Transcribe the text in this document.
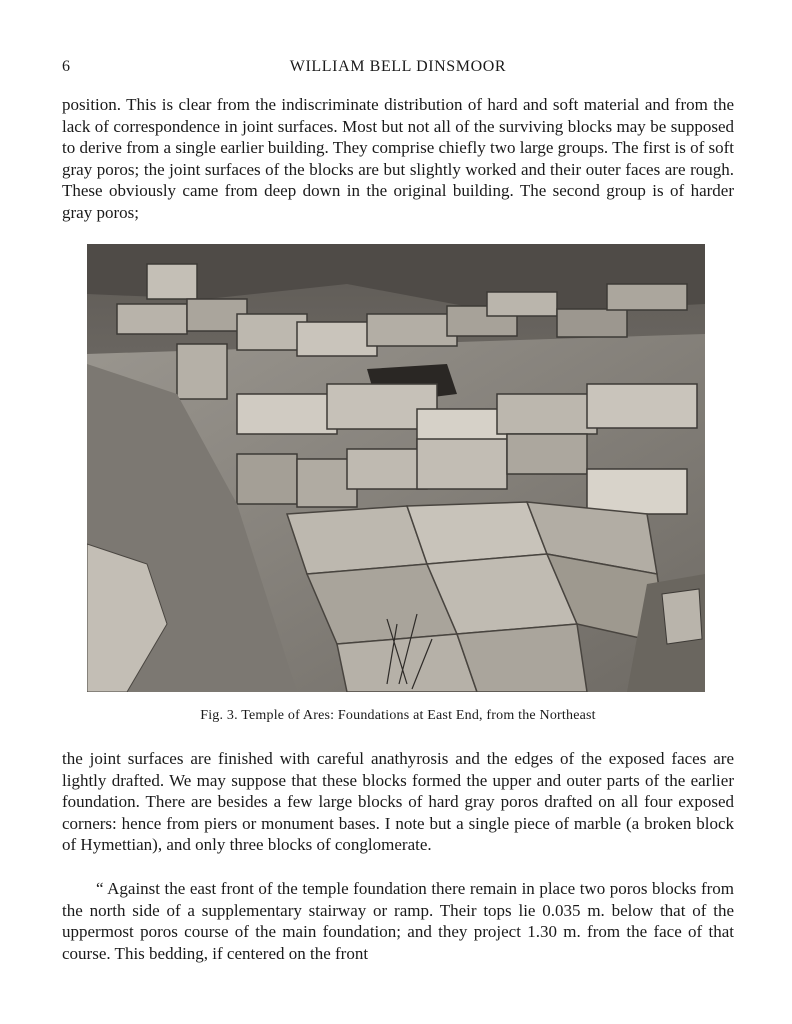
6	WILLIAM BELL DINSMOOR

position. This is clear from the indiscriminate distribution of hard and soft material and from the lack of correspondence in joint surfaces. Most but not all of the surviving blocks may be supposed to derive from a single earlier building. They comprise chiefly two large groups. The first is of soft gray poros; the joint surfaces of the blocks are but slightly worked and their outer faces are rough. These obviously came from deep down in the original building. The second group is of harder gray poros;

Fig. 3. Temple of Ares: Foundations at East End, from the Northeast

the joint surfaces are finished with careful anathyrosis and the edges of the exposed faces are lightly drafted. We may suppose that these blocks formed the upper and outer parts of the earlier foundation. There are besides a few large blocks of hard gray poros drafted on all four exposed corners: hence from piers or monument bases. I note but a single piece of marble (a broken block of Hymettian), and only three blocks of conglomerate.

“ Against the east front of the temple foundation there remain in place two poros blocks from the north side of a supplementary stairway or ramp. Their tops lie 0.035 m. below that of the uppermost poros course of the main foundation; and they project 1.30 m. from the face of that course. This bedding, if centered on the front
